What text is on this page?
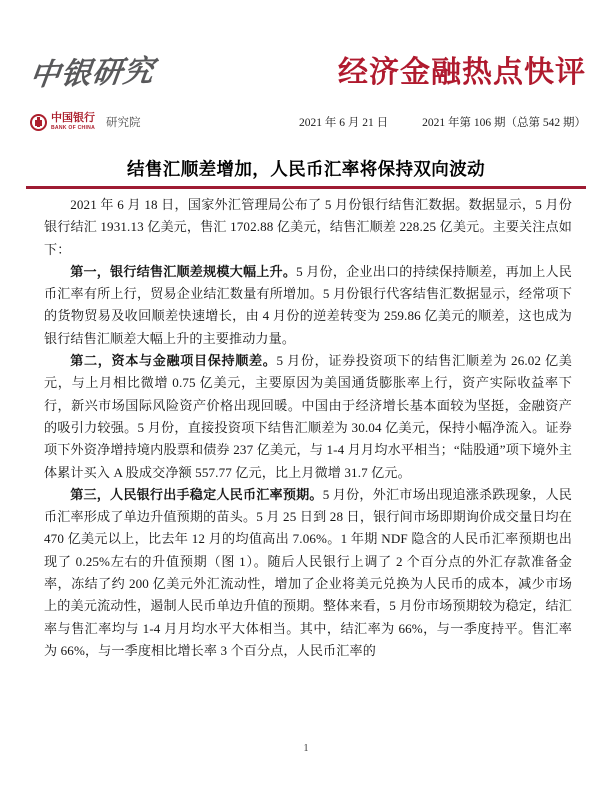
中银研究	经济金融热点快评
中国银行
BANK OF CHINA 研究院	2021 年 6 月 21 日	2021 年第 106 期（总第 542 期）
结售汇顺差增加，人民币汇率将保持双向波动

2021 年 6 月 18 日，国家外汇管理局公布了 5 月份银行结售汇数据。数据显示，5 月份银行结汇 1931.13 亿美元，售汇 1702.88 亿美元，结售汇顺差 228.25 亿美元。主要关注点如下：

第一，银行结售汇顺差规模大幅上升。5 月份，企业出口的持续保持顺差，再加上人民币汇率有所上行，贸易企业结汇数量有所增加。5 月份银行代客结售汇数据显示，经常项下的货物贸易及收回顺差快速增长，由 4 月份的逆差转变为 259.86 亿美元的顺差，这也成为银行结售汇顺差大幅上升的主要推动力量。

第二，资本与金融项目保持顺差。5 月份，证券投资项下的结售汇顺差为 26.02 亿美元，与上月相比微增 0.75 亿美元，主要原因为美国通货膨胀率上行，资产实际收益率下行，新兴市场国际风险资产价格出现回暖。中国由于经济增长基本面较为坚挺，金融资产的吸引力较强。5 月份，直接投资项下结售汇顺差为 30.04 亿美元，保持小幅净流入。证券项下外资净增持境内股票和债券 237 亿美元，与 1-4 月月均水平相当；“陆股通”项下境外主体累计买入 A 股成交净额 557.77 亿元，比上月微增 31.7 亿元。

第三，人民银行出手稳定人民币汇率预期。5 月份，外汇市场出现追涨杀跌现象，人民币汇率形成了单边升值预期的苗头。5 月 25 日到 28 日，银行间市场即期询价成交量日均在 470 亿美元以上，比去年 12 月的均值高出 7.06%。1 年期 NDF 隐含的人民币汇率预期也出现了 0.25%左右的升值预期（图 1）。随后人民银行上调了 2 个百分点的外汇存款准备金率，冻结了约 200 亿美元外汇流动性，增加了企业将美元兑换为人民币的成本，减少市场上的美元流动性，遏制人民币单边升值的预期。整体来看，5 月份市场预期较为稳定，结汇率与售汇率均与 1-4 月月均水平大体相当。其中，结汇率为 66%，与一季度持平。售汇率为 66%，与一季度相比增长率 3 个百分点，人民币汇率的

1
